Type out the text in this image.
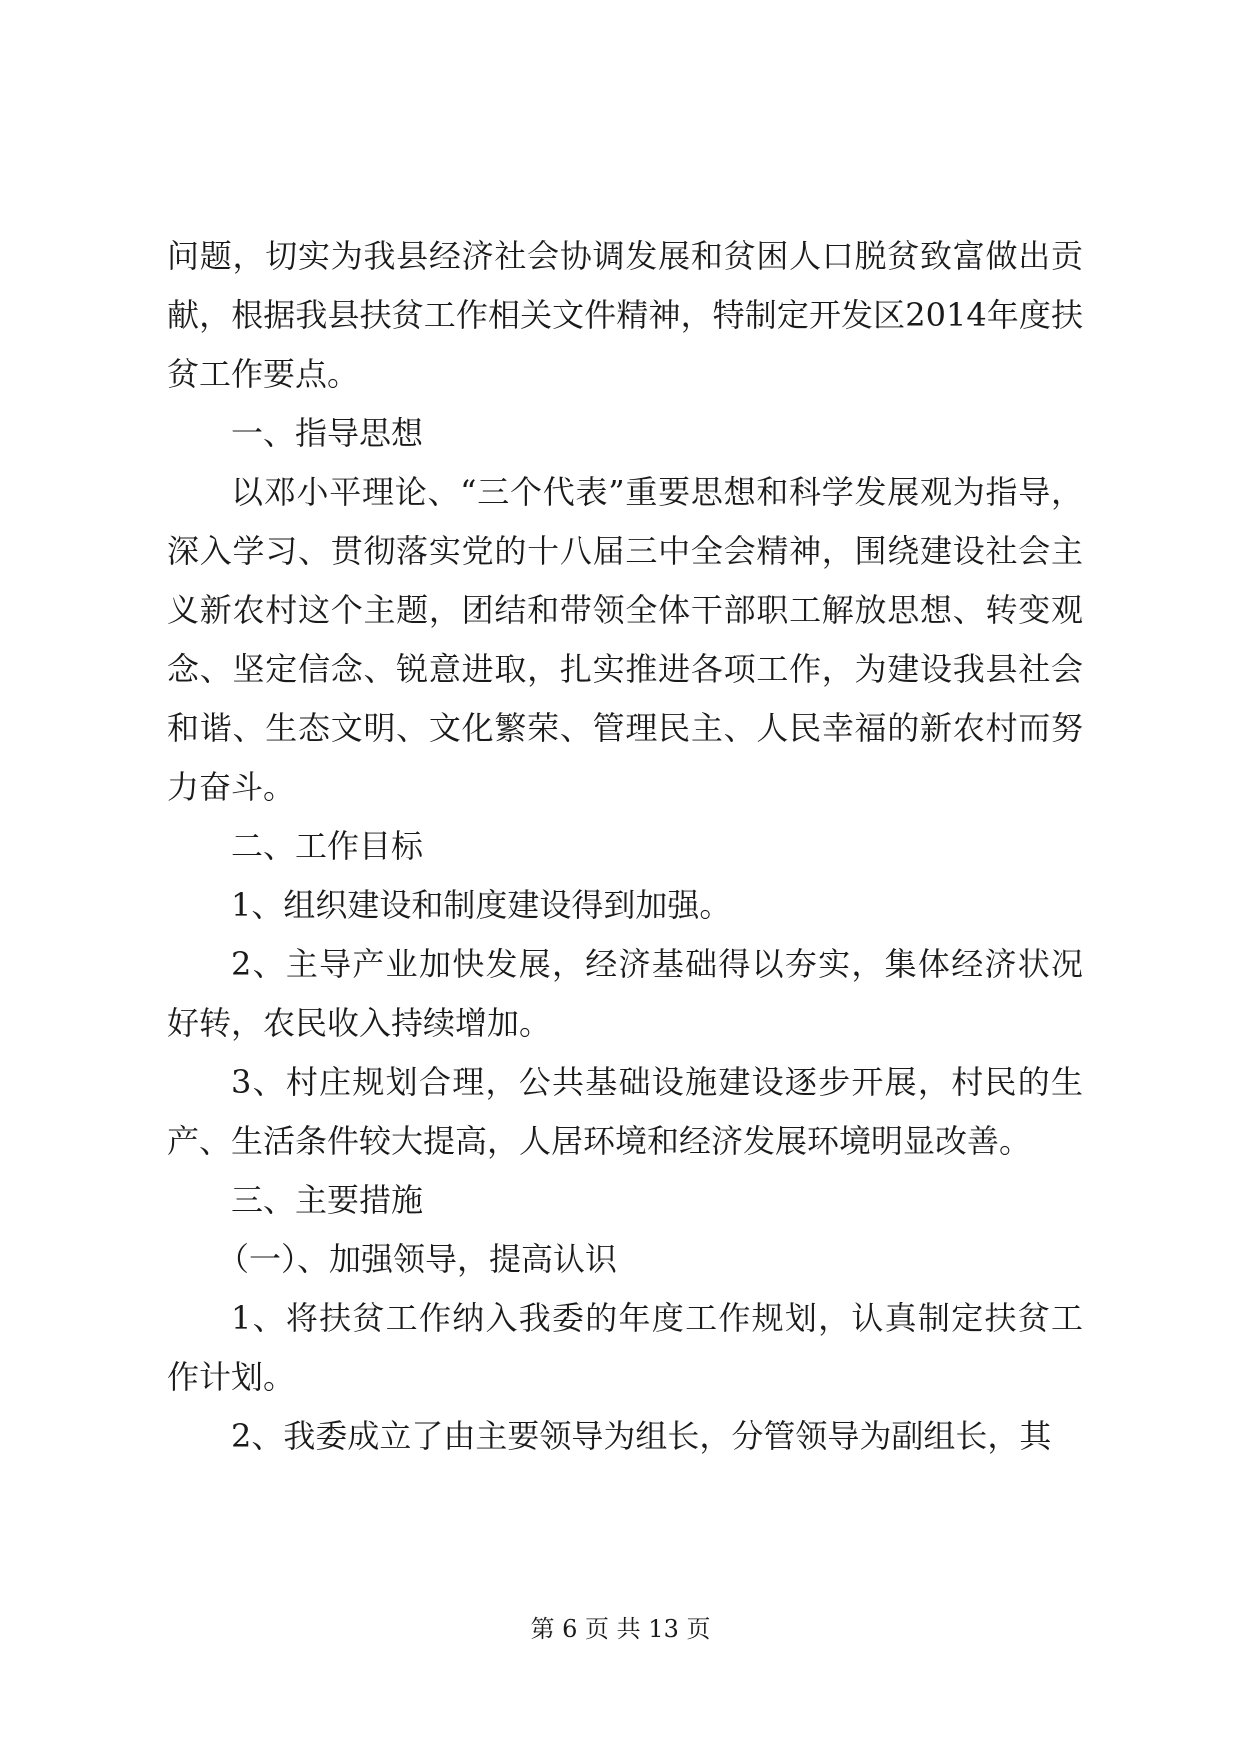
问题，切实为我县经济社会协调发展和贫困人口脱贫致富做出贡献，根据我县扶贫工作相关文件精神，特制定开发区2014年度扶贫工作要点。

一、指导思想

以邓小平理论、“三个代表”重要思想和科学发展观为指导，深入学习、贯彻落实党的十八届三中全会精神，围绕建设社会主义新农村这个主题，团结和带领全体干部职工解放思想、转变观念、坚定信念、锐意进取，扎实推进各项工作，为建设我县社会和谐、生态文明、文化繁荣、管理民主、人民幸福的新农村而努力奋斗。

二、工作目标

1、组织建设和制度建设得到加强。

2、主导产业加快发展，经济基础得以夯实，集体经济状况好转，农民收入持续增加。

3、村庄规划合理，公共基础设施建设逐步开展，村民的生产、生活条件较大提高，人居环境和经济发展环境明显改善。

三、主要措施

（一）、加强领导，提高认识

1、将扶贫工作纳入我委的年度工作规划，认真制定扶贫工作计划。

2、我委成立了由主要领导为组长，分管领导为副组长，其

第 6 页 共 13 页
